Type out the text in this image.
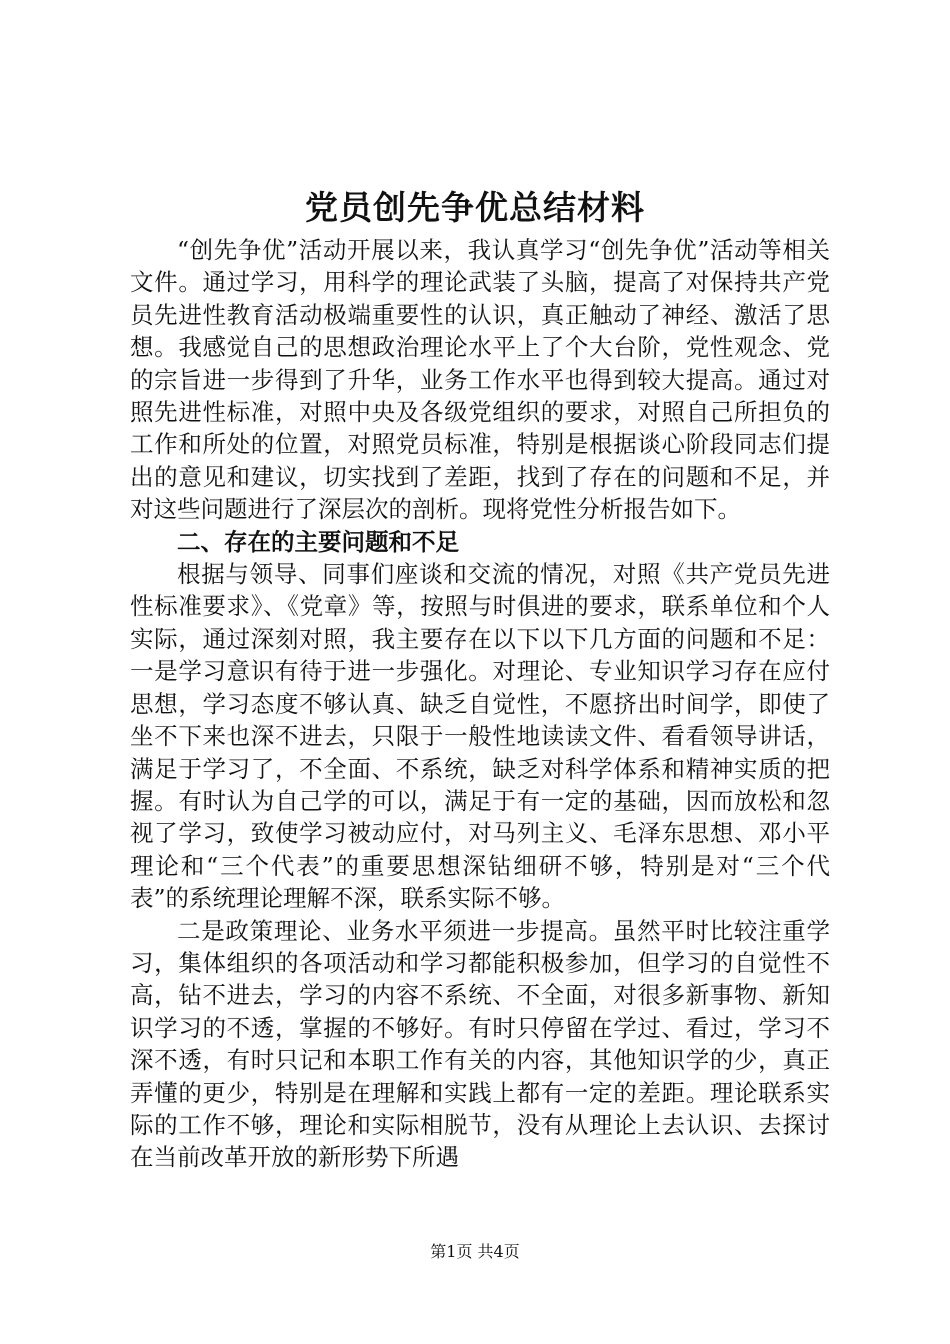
党员创先争优总结材料

“创先争优”活动开展以来，我认真学习“创先争优”活动等相关文件。通过学习，用科学的理论武装了头脑，提高了对保持共产党员先进性教育活动极端重要性的认识，真正触动了神经、激活了思想。我感觉自己的思想政治理论水平上了个大台阶，党性观念、党的宗旨进一步得到了升华，业务工作水平也得到较大提高。通过对照先进性标准，对照中央及各级党组织的要求，对照自己所担负的工作和所处的位置，对照党员标准，特别是根据谈心阶段同志们提出的意见和建议，切实找到了差距，找到了存在的问题和不足，并对这些问题进行了深层次的剖析。现将党性分析报告如下。

二、存在的主要问题和不足

根据与领导、同事们座谈和交流的情况，对照《共产党员先进性标准要求》、《党章》等，按照与时俱进的要求，联系单位和个人实际，通过深刻对照，我主要存在以下以下几方面的问题和不足：一是学习意识有待于进一步强化。对理论、专业知识学习存在应付思想，学习态度不够认真、缺乏自觉性，不愿挤出时间学，即使了坐不下来也深不进去，只限于一般性地读读文件、看看领导讲话，满足于学习了，不全面、不系统，缺乏对科学体系和精神实质的把握。有时认为自己学的可以，满足于有一定的基础，因而放松和忽视了学习，致使学习被动应付，对马列主义、毛泽东思想、邓小平理论和“三个代表”的重要思想深钻细研不够，特别是对“三个代表”的系统理论理解不深，联系实际不够。

二是政策理论、业务水平须进一步提高。虽然平时比较注重学习，集体组织的各项活动和学习都能积极参加，但学习的自觉性不高，钻不进去，学习的内容不系统、不全面，对很多新事物、新知识学习的不透，掌握的不够好。有时只停留在学过、看过，学习不深不透，有时只记和本职工作有关的内容，其他知识学的少，真正弄懂的更少，特别是在理解和实践上都有一定的差距。理论联系实际的工作不够，理论和实际相脱节，没有从理论上去认识、去探讨在当前改革开放的新形势下所遇

第1页 共4页
